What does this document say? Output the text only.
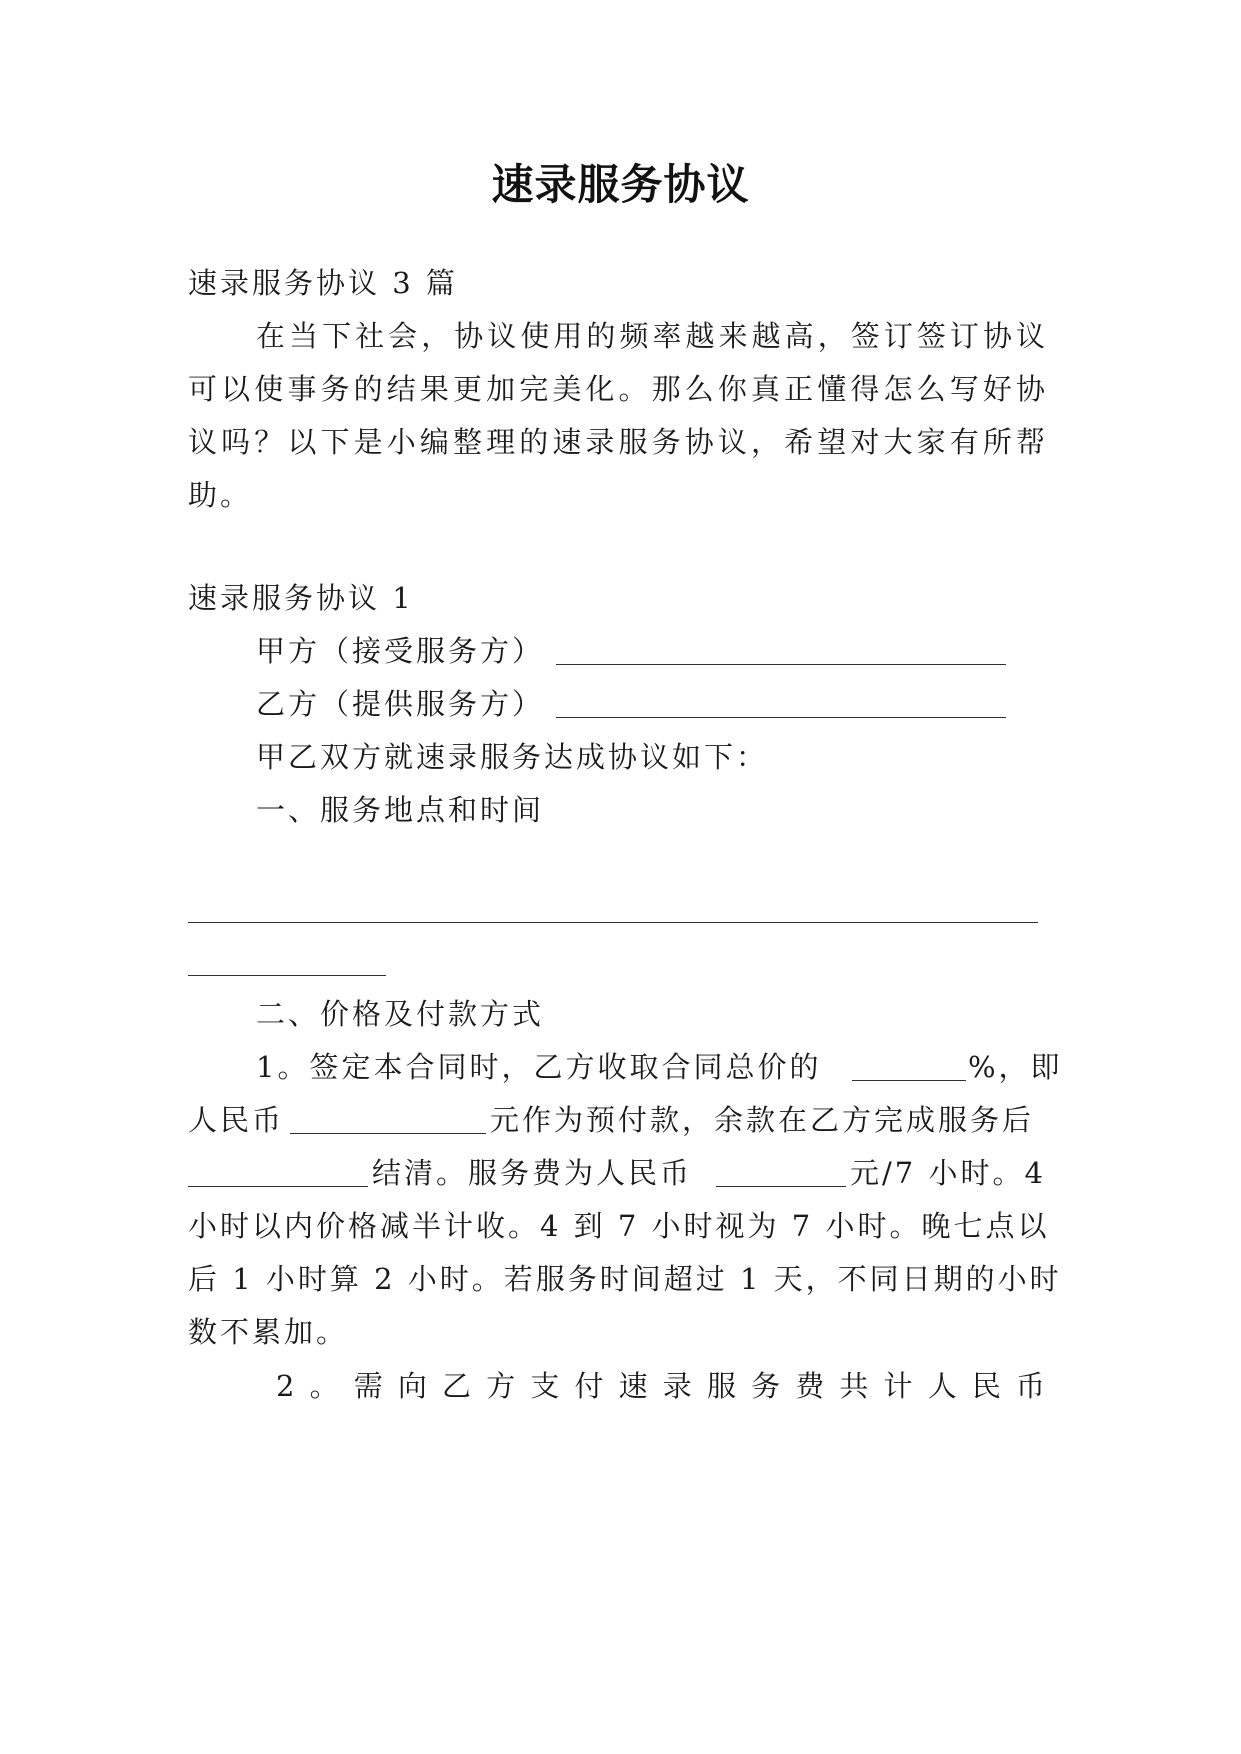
速录服务协议
速录服务协议 3 篇
在当下社会，协议使用的频率越来越高，签订签订协议
可以使事务的结果更加完美化。那么你真正懂得怎么写好协
议吗？以下是小编整理的速录服务协议，希望对大家有所帮
助。
速录服务协议 1
甲方（接受服务方）
乙方（提供服务方）
甲乙双方就速录服务达成协议如下：
一、服务地点和时间
二、价格及付款方式
1。签定本合同时，乙方收取合同总价的	%，即
人民币	元作为预付款，余款在乙方完成服务后
结清。服务费为人民币	元/7 小时。4
小时以内价格减半计收。4 到 7 小时视为 7 小时。晚七点以
后 1 小时算 2 小时。若服务时间超过 1 天，不同日期的小时
数不累加。
2。需向乙方支付速录服务费共计人民币
